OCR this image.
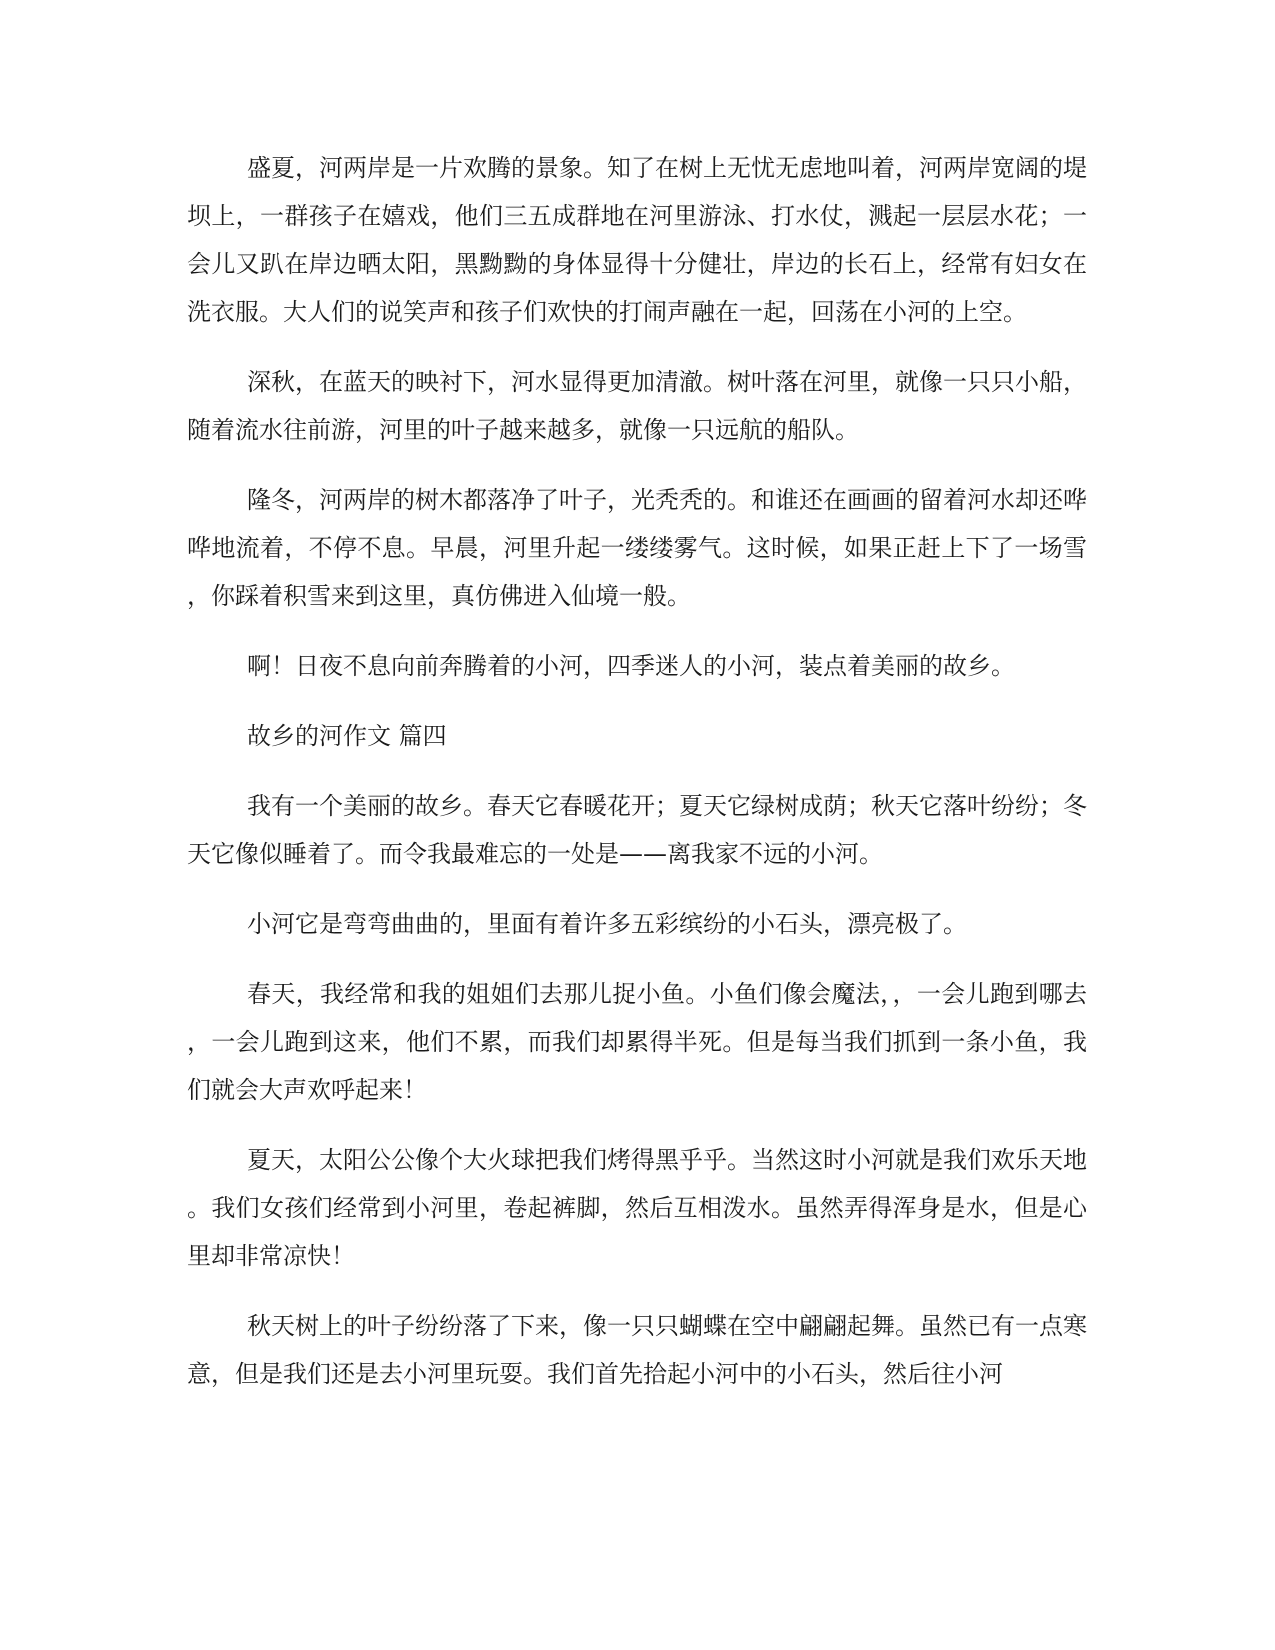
盛夏，河两岸是一片欢腾的景象。知了在树上无忧无虑地叫着，河两岸宽阔的堤坝上，一群孩子在嬉戏，他们三五成群地在河里游泳、打水仗，溅起一层层水花；一会儿又趴在岸边晒太阳，黑黝黝的身体显得十分健壮，岸边的长石上，经常有妇女在洗衣服。大人们的说笑声和孩子们欢快的打闹声融在一起，回荡在小河的上空。

深秋，在蓝天的映衬下，河水显得更加清澈。树叶落在河里，就像一只只小船，随着流水往前游，河里的叶子越来越多，就像一只远航的船队。

隆冬，河两岸的树木都落净了叶子，光秃秃的。和谁还在画画的留着河水却还哗哗地流着，不停不息。早晨，河里升起一缕缕雾气。这时候，如果正赶上下了一场雪，你踩着积雪来到这里，真仿佛进入仙境一般。

啊！日夜不息向前奔腾着的小河，四季迷人的小河，装点着美丽的故乡。

故乡的河作文 篇四

我有一个美丽的故乡。春天它春暖花开；夏天它绿树成荫；秋天它落叶纷纷；冬天它像似睡着了。而令我最难忘的一处是——离我家不远的小河。

小河它是弯弯曲曲的，里面有着许多五彩缤纷的小石头，漂亮极了。

春天，我经常和我的姐姐们去那儿捉小鱼。小鱼们像会魔法，，一会儿跑到哪去，一会儿跑到这来，他们不累，而我们却累得半死。但是每当我们抓到一条小鱼，我们就会大声欢呼起来！

夏天，太阳公公像个大火球把我们烤得黑乎乎。当然这时小河就是我们欢乐天地。我们女孩们经常到小河里，卷起裤脚，然后互相泼水。虽然弄得浑身是水，但是心里却非常凉快！

秋天树上的叶子纷纷落了下来，像一只只蝴蝶在空中翩翩起舞。虽然已有一点寒意，但是我们还是去小河里玩耍。我们首先拾起小河中的小石头，然后往小河
